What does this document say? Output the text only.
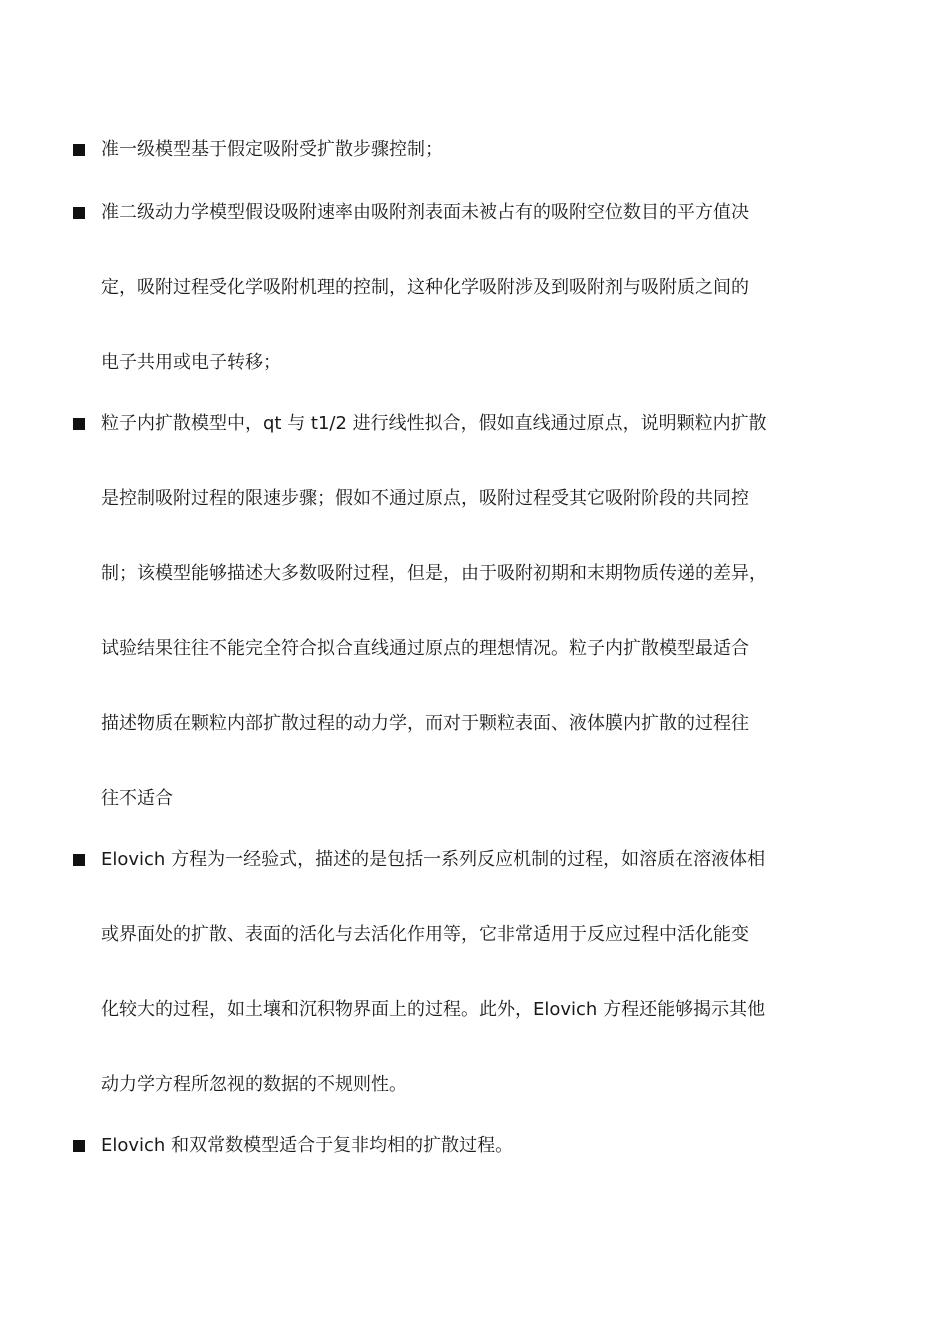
准一级模型基于假定吸附受扩散步骤控制；
准二级动力学模型假设吸附速率由吸附剂表面未被占有的吸附空位数目的平方值决
定，吸附过程受化学吸附机理的控制，这种化学吸附涉及到吸附剂与吸附质之间的
电子共用或电子转移；
粒子内扩散模型中，qt 与 t1/2 进行线性拟合，假如直线通过原点，说明颗粒内扩散
是控制吸附过程的限速步骤；假如不通过原点，吸附过程受其它吸附阶段的共同控
制；该模型能够描述大多数吸附过程，但是，由于吸附初期和末期物质传递的差异，
试验结果往往不能完全符合拟合直线通过原点的理想情况。粒子内扩散模型最适合
描述物质在颗粒内部扩散过程的动力学，而对于颗粒表面、液体膜内扩散的过程往
往不适合
Elovich 方程为一经验式，描述的是包括一系列反应机制的过程，如溶质在溶液体相
或界面处的扩散、表面的活化与去活化作用等，它非常适用于反应过程中活化能变
化较大的过程，如土壤和沉积物界面上的过程。此外，Elovich 方程还能够揭示其他
动力学方程所忽视的数据的不规则性。
Elovich 和双常数模型适合于复非均相的扩散过程。
